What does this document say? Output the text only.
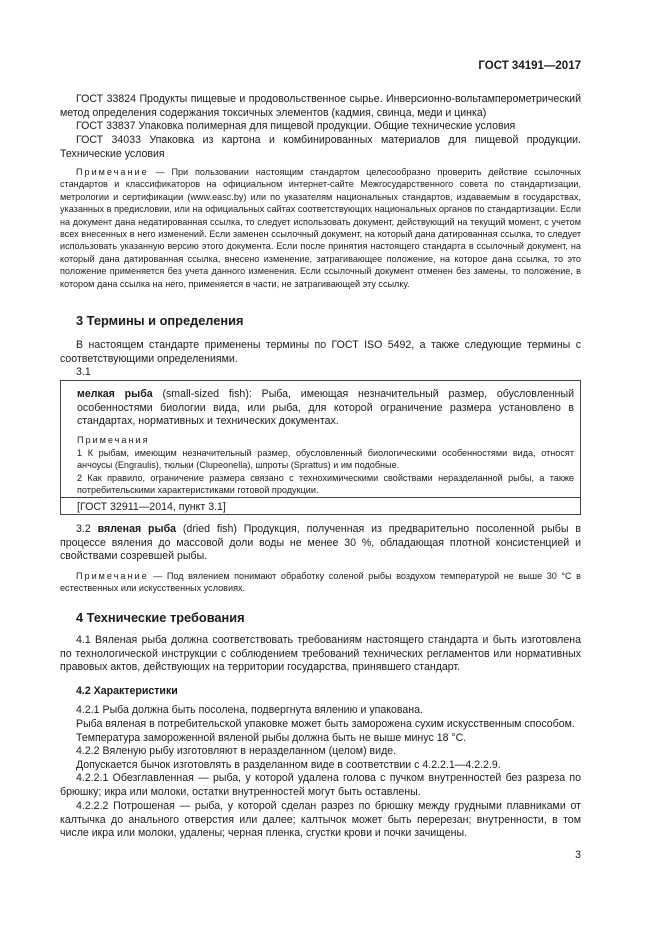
ГОСТ 34191—2017

ГОСТ 33824 Продукты пищевые и продовольственное сырье. Инверсионно-вольтамперометрический метод определения содержания токсичных элементов (кадмия, свинца, меди и цинка)

ГОСТ 33837 Упаковка полимерная для пищевой продукции. Общие технические условия

ГОСТ 34033 Упаковка из картона и комбинированных материалов для пищевой продукции. Технические условия

Примечание — При пользовании настоящим стандартом целесообразно проверить действие ссылочных стандартов и классификаторов на официальном интернет-сайте Межгосударственного совета по стандартизации, метрологии и сертификации (www.easc.by) или по указателям национальных стандартов, издаваемым в государствах, указанных в предисловии, или на официальных сайтах соответствующих национальных органов по стандартизации. Если на документ дана недатированная ссылка, то следует использовать документ, действующий на текущий момент, с учетом всех внесенных в него изменений. Если заменен ссылочный документ, на который дана датированная ссылка, то следует использовать указанную версию этого документа. Если после принятия настоящего стандарта в ссылочный документ, на который дана датированная ссылка, внесено изменение, затрагивающее положение, на которое дана ссылка, то это положение применяется без учета данного изменения. Если ссылочный документ отменен без замены, то положение, в котором дана ссылка на него, применяется в части, не затрагивающей эту ссылку.

3 Термины и определения

В настоящем стандарте применены термины по ГОСТ ISO 5492, а также следующие термины с соответствующими определениями.

3.1

мелкая рыба (small-sized fish): Рыба, имеющая незначительный размер, обусловленный особенностями биологии вида, или рыба, для которой ограничение размера установлено в стандартах, нормативных и технических документах.

Примечания

1 К рыбам, имеющим незначительный размер, обусловленный биологическими особенностями вида, относят анчоусы (Engraulis), тюльки (Clupeonella), шпроты (Sprattus) и им подобные.

2 Как правило, ограничение размера связано с технохимическими свойствами неразделанной рыбы, а также потребительскими характеристиками готовой продукции.

[ГОСТ 32911—2014, пункт 3.1]

3.2 вяленая рыба (dried fish) Продукция, полученная из предварительно посоленной рыбы в процессе вяления до массовой доли воды не менее 30 %, обладающая плотной консистенцией и свойствами созревшей рыбы.

Примечание — Под вялением понимают обработку соленой рыбы воздухом температурой не выше 30 °С в естественных или искусственных условиях.

4 Технические требования

4.1 Вяленая рыба должна соответствовать требованиям настоящего стандарта и быть изготовлена по технологической инструкции с соблюдением требований технических регламентов или нормативных правовых актов, действующих на территории государства, принявшего стандарт.

4.2 Характеристики

4.2.1 Рыба должна быть посолена, подвергнута вялению и упакована.

Рыба вяленая в потребительской упаковке может быть заморожена сухим искусственным способом.

Температура замороженной вяленой рыбы должна быть не выше минус 18 °С.

4.2.2 Вяленую рыбу изготовляют в неразделанном (целом) виде.

Допускается бычок изготовлять в разделанном виде в соответствии с 4.2.2.1—4.2.2.9.

4.2.2.1 Обезглавленная — рыба, у которой удалена голова с пучком внутренностей без разреза по брюшку; икра или молоки, остатки внутренностей могут быть оставлены.

4.2.2.2 Потрошеная — рыба, у которой сделан разрез по брюшку между грудными плавниками от калтычка до анального отверстия или далее; калтычок может быть перерезан; внутренности, в том числе икра или молоки, удалены; черная пленка, сгустки крови и почки зачищены.

3
